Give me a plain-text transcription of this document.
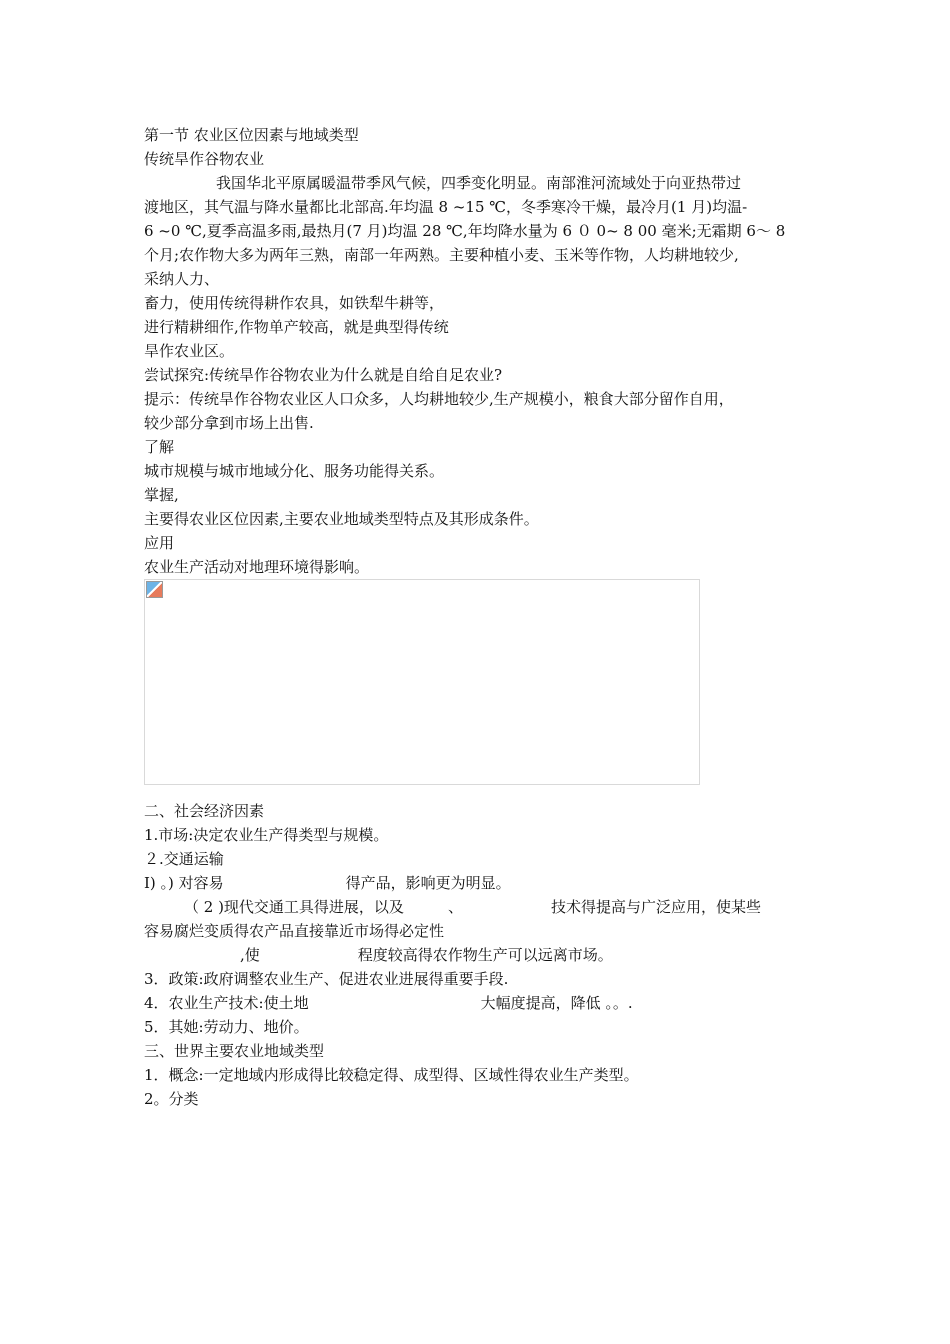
第一节 农业区位因素与地域类型
传统旱作谷物农业
我国华北平原属暖温带季风气候，四季变化明显。南部淮河流域处于向亚热带过
渡地区，其气温与降水量都比北部高.年均温 8 ~15 ℃，冬季寒冷干燥，最冷月(1 月)均温-
6 ~0 ℃,夏季高温多雨,最热月(7 月)均温 28 ℃,年均降水量为 6 ０ 0~ 8 00 毫米;无霜期 6～ 8
个月;农作物大多为两年三熟，南部一年两熟。主要种植小麦、玉米等作物，人均耕地较少,
采纳人力、
畜力，使用传统得耕作农具，如铁犁牛耕等，
进行精耕细作,作物单产较高，就是典型得传统
旱作农业区。
尝试探究:传统旱作谷物农业为什么就是自给自足农业?
提示：传统旱作谷物农业区人口众多，人均耕地较少,生产规模小，粮食大部分留作自用，
较少部分拿到市场上出售.
了解
城市规模与城市地域分化、服务功能得关系。
掌握,
主要得农业区位因素,主要农业地域类型特点及其形成条件。
应用
农业生产活动对地理环境得影响。
二、社会经济因素
1.市场:决定农业生产得类型与规模。
２.交通运输
Ⅰ) 。) 对容易	得产品，影响更为明显。
（ 2 )现代交通工具得进展，以及	、	技术得提高与广泛应用，使某些
容易腐烂变质得农产品直接靠近市场得必定性
,使	程度较高得农作物生产可以远离市场。
3．政策:政府调整农业生产、促进农业进展得重要手段.
4．农业生产技术:使土地	大幅度提高，降低 。。.
5．其她:劳动力、地价。
三、世界主要农业地域类型
1．概念:一定地域内形成得比较稳定得、成型得、区域性得农业生产类型。
2。分类
